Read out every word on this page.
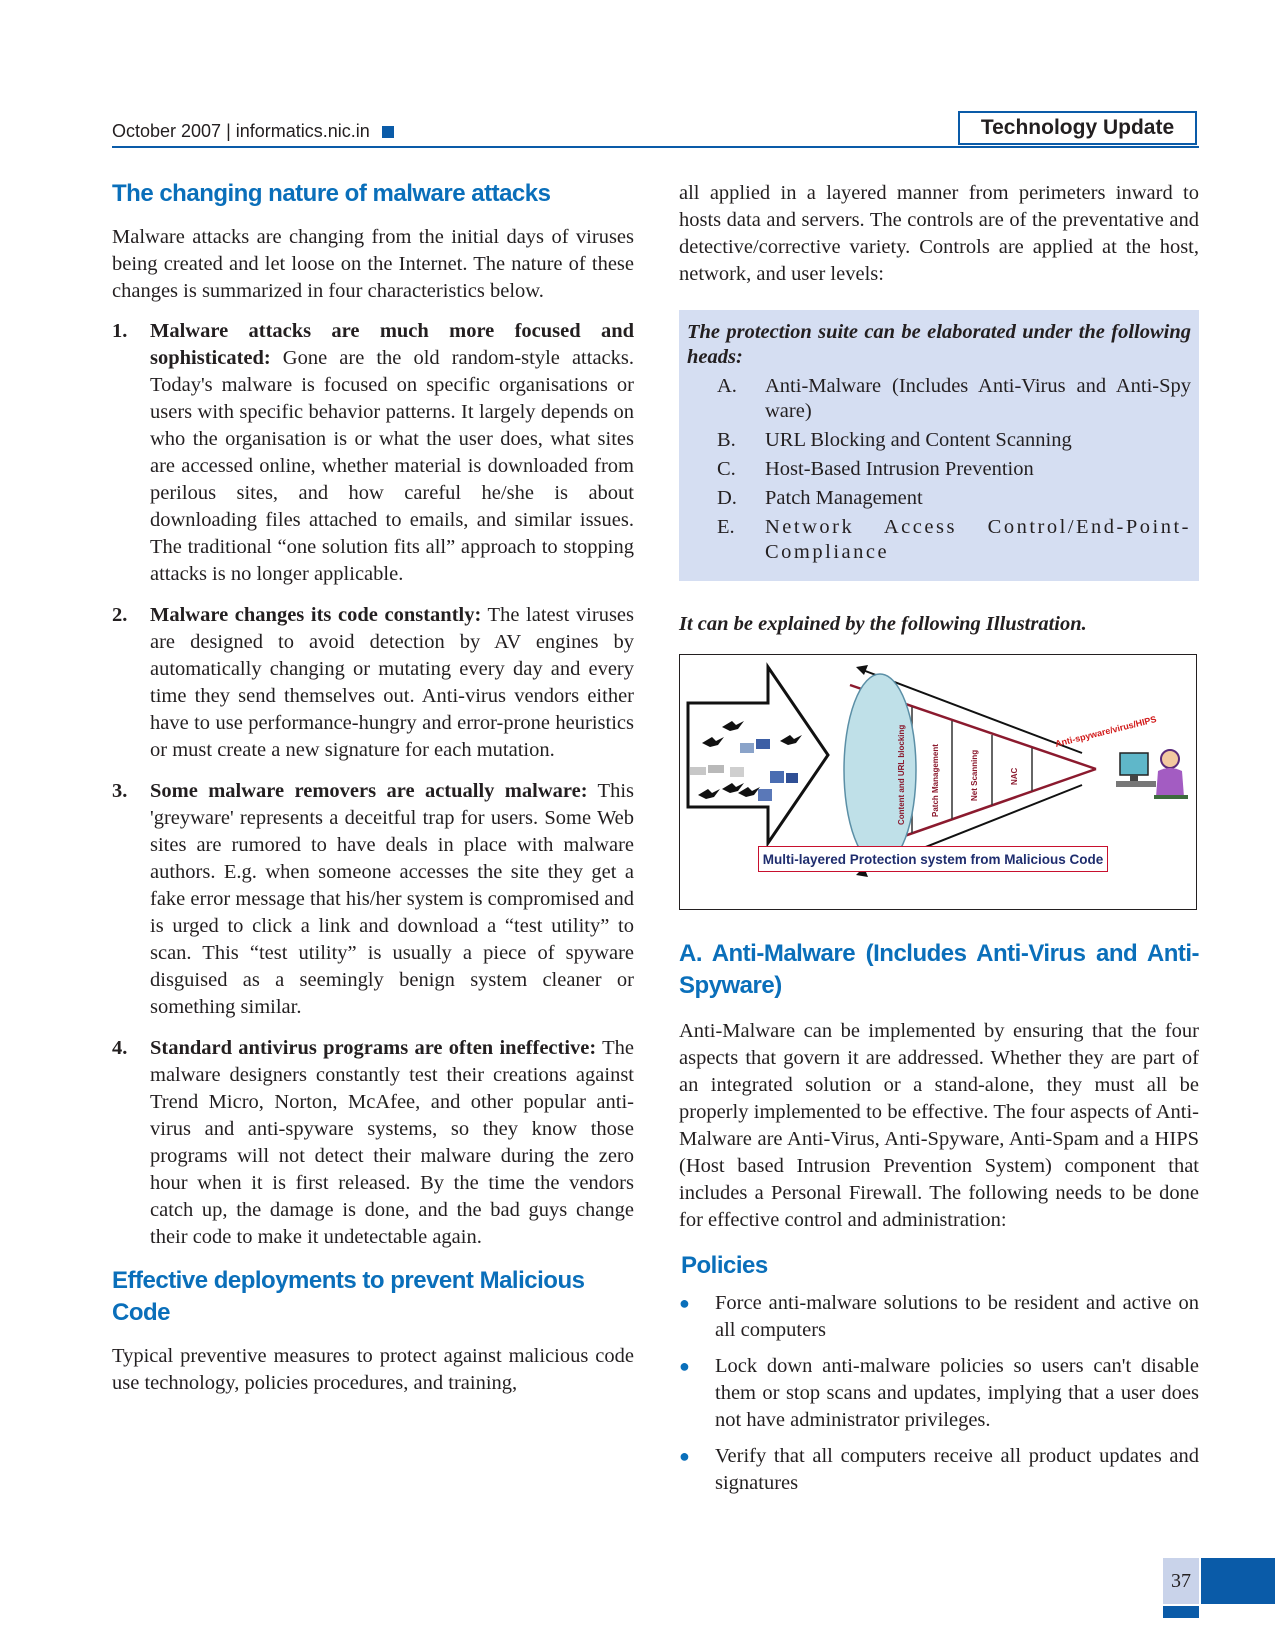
October 2007 | informatics.nic.in	Technology Update
The changing nature of malware attacks

Malware attacks are changing from the initial days of viruses being created and let loose on the Internet. The nature of these changes is summarized in four characteristics below.

1. Malware attacks are much more focused and sophisticated: Gone are the old random-style attacks. Today's malware is focused on specific organisations or users with specific behavior patterns. It largely depends on who the organisation is or what the user does, what sites are accessed online, whether material is downloaded from perilous sites, and how careful he/she is about downloading files attached to emails, and similar issues. The traditional “one solution fits all” approach to stopping attacks is no longer applicable.
2. Malware changes its code constantly: The latest viruses are designed to avoid detection by AV engines by automatically changing or mutating every day and every time they send themselves out. Anti-virus vendors either have to use performance-hungry and error-prone heuristics or must create a new signature for each mutation.
3. Some malware removers are actually malware: This 'greyware' represents a deceitful trap for users. Some Web sites are rumored to have deals in place with malware authors. E.g. when someone accesses the site they get a fake error message that his/her system is compromised and is urged to click a link and download a “test utility” to scan. This “test utility” is usually a piece of spyware disguised as a seemingly benign system cleaner or something similar.
4. Standard antivirus programs are often ineffective: The malware designers constantly test their creations against Trend Micro, Norton, McAfee, and other popular anti-virus and anti-spyware systems, so they know those programs will not detect their malware during the zero hour when it is first released. By the time the vendors catch up, the damage is done, and the bad guys change their code to make it undetectable again.
Effective deployments to prevent Malicious Code

Typical preventive measures to protect against malicious code use technology, policies procedures, and training,

all applied in a layered manner from perimeters inward to hosts data and servers. The controls are of the preventative and detective/corrective variety. Controls are applied at the host, network, and user levels:

The protection suite can be elaborated under the following heads:
A. Anti-Malware (Includes Anti-Virus and Anti-Spy ware)
B. URL Blocking and Content Scanning
C. Host-Based Intrusion Prevention
D. Patch Management
E. Network Access Control/End-Point-Compliance
It can be explained by the following Illustration.
Content and URL blocking	Patch Management	Net Scanning	NAC
Anti-spyware/virus/HIPS
Multi-layered Protection system from Malicious Code
A. Anti-Malware (Includes Anti-Virus and Anti-Spyware)

Anti-Malware can be implemented by ensuring that the four aspects that govern it are addressed. Whether they are part of an integrated solution or a stand-alone, they must all be properly implemented to be effective. The four aspects of Anti-Malware are Anti-Virus, Anti-Spyware, Anti-Spam and a HIPS (Host based Intrusion Prevention System) component that includes a Personal Firewall. The following needs to be done for effective control and administration:

Policies
● Force anti-malware solutions to be resident and active on all computers
● Lock down anti-malware policies so users can't disable them or stop scans and updates, implying that a user does not have administrator privileges.
● Verify that all computers receive all product updates and signatures
37
